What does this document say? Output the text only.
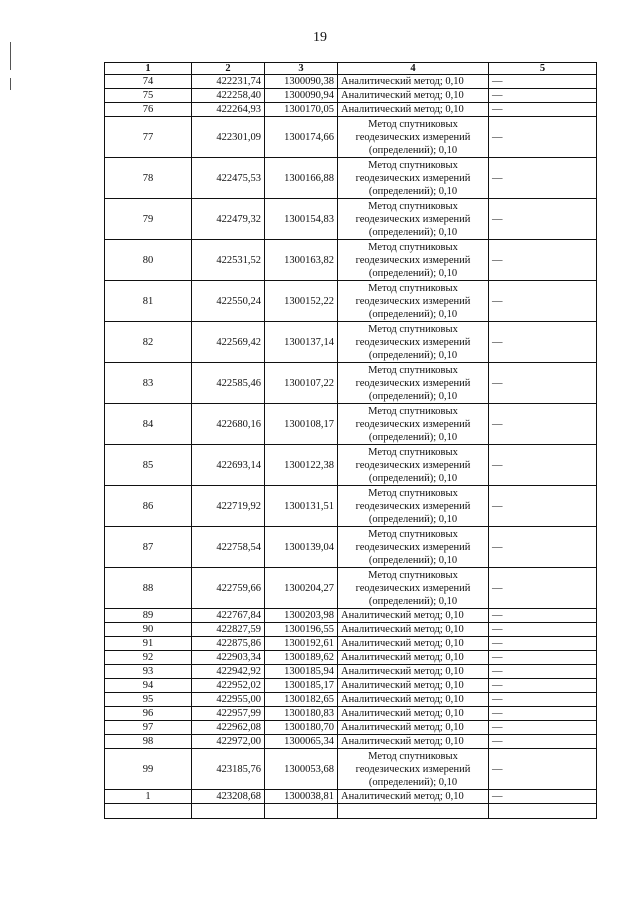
19
1	2	3	4	5
74	422231,74	1300090,38	Аналитический метод; 0,10	—
75	422258,40	1300090,94	Аналитический метод; 0,10	—
76	422264,93	1300170,05	Аналитический метод; 0,10	—
77	422301,09	1300174,66	Метод спутниковых геодезических измерений (определений); 0,10	—
78	422475,53	1300166,88	Метод спутниковых геодезических измерений (определений); 0,10	—
79	422479,32	1300154,83	Метод спутниковых геодезических измерений (определений); 0,10	—
80	422531,52	1300163,82	Метод спутниковых геодезических измерений (определений); 0,10	—
81	422550,24	1300152,22	Метод спутниковых геодезических измерений (определений); 0,10	—
82	422569,42	1300137,14	Метод спутниковых геодезических измерений (определений); 0,10	—
83	422585,46	1300107,22	Метод спутниковых геодезических измерений (определений); 0,10	—
84	422680,16	1300108,17	Метод спутниковых геодезических измерений (определений); 0,10	—
85	422693,14	1300122,38	Метод спутниковых геодезических измерений (определений); 0,10	—
86	422719,92	1300131,51	Метод спутниковых геодезических измерений (определений); 0,10	—
87	422758,54	1300139,04	Метод спутниковых геодезических измерений (определений); 0,10	—
88	422759,66	1300204,27	Метод спутниковых геодезических измерений (определений); 0,10	—
89	422767,84	1300203,98	Аналитический метод; 0,10	—
90	422827,59	1300196,55	Аналитический метод; 0,10	—
91	422875,86	1300192,61	Аналитический метод; 0,10	—
92	422903,34	1300189,62	Аналитический метод; 0,10	—
93	422942,92	1300185,94	Аналитический метод; 0,10	—
94	422952,02	1300185,17	Аналитический метод; 0,10	—
95	422955,00	1300182,65	Аналитический метод; 0,10	—
96	422957,99	1300180,83	Аналитический метод; 0,10	—
97	422962,08	1300180,70	Аналитический метод; 0,10	—
98	422972,00	1300065,34	Аналитический метод; 0,10	—
99	423185,76	1300053,68	Метод спутниковых геодезических измерений (определений); 0,10	—
1	423208,68	1300038,81	Аналитический метод; 0,10	—
